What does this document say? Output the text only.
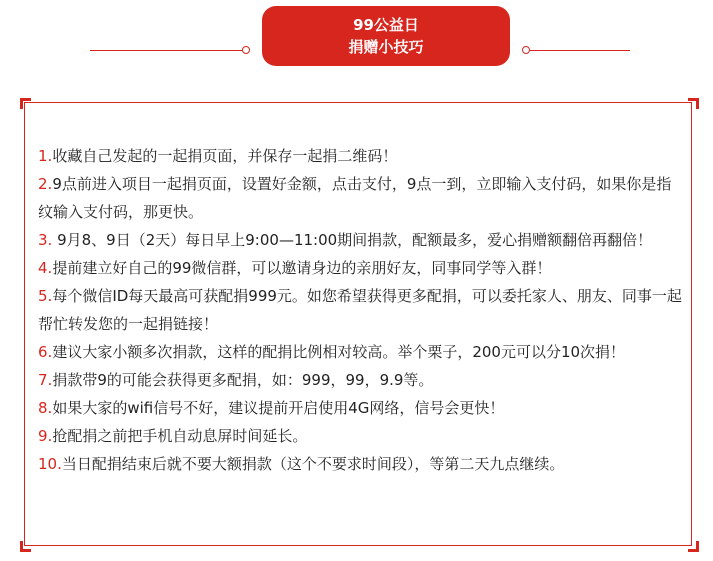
99公益日
捐赠小技巧
1.收藏自己发起的一起捐页面，并保存一起捐二维码！
2.9点前进入项目一起捐页面，设置好金额，点击支付，9点一到，立即输入支付码，如果你是指纹输入支付码，那更快。
3. 9月8、9日（2天）每日早上9:00—11:00期间捐款，配额最多，爱心捐赠额翻倍再翻倍！
4.提前建立好自己的99微信群，可以邀请身边的亲朋好友，同事同学等入群！
5.每个微信ID每天最高可获配捐999元。如您希望获得更多配捐，可以委托家人、朋友、同事一起帮忙转发您的一起捐链接！
6.建议大家小额多次捐款，这样的配捐比例相对较高。举个栗子，200元可以分10次捐！
7.捐款带9的可能会获得更多配捐，如：999，99，9.9等。
8.如果大家的wifi信号不好，建议提前开启使用4G网络，信号会更快！
9.抢配捐之前把手机自动息屏时间延长。
10.当日配捐结束后就不要大额捐款（这个不要求时间段），等第二天九点继续。
